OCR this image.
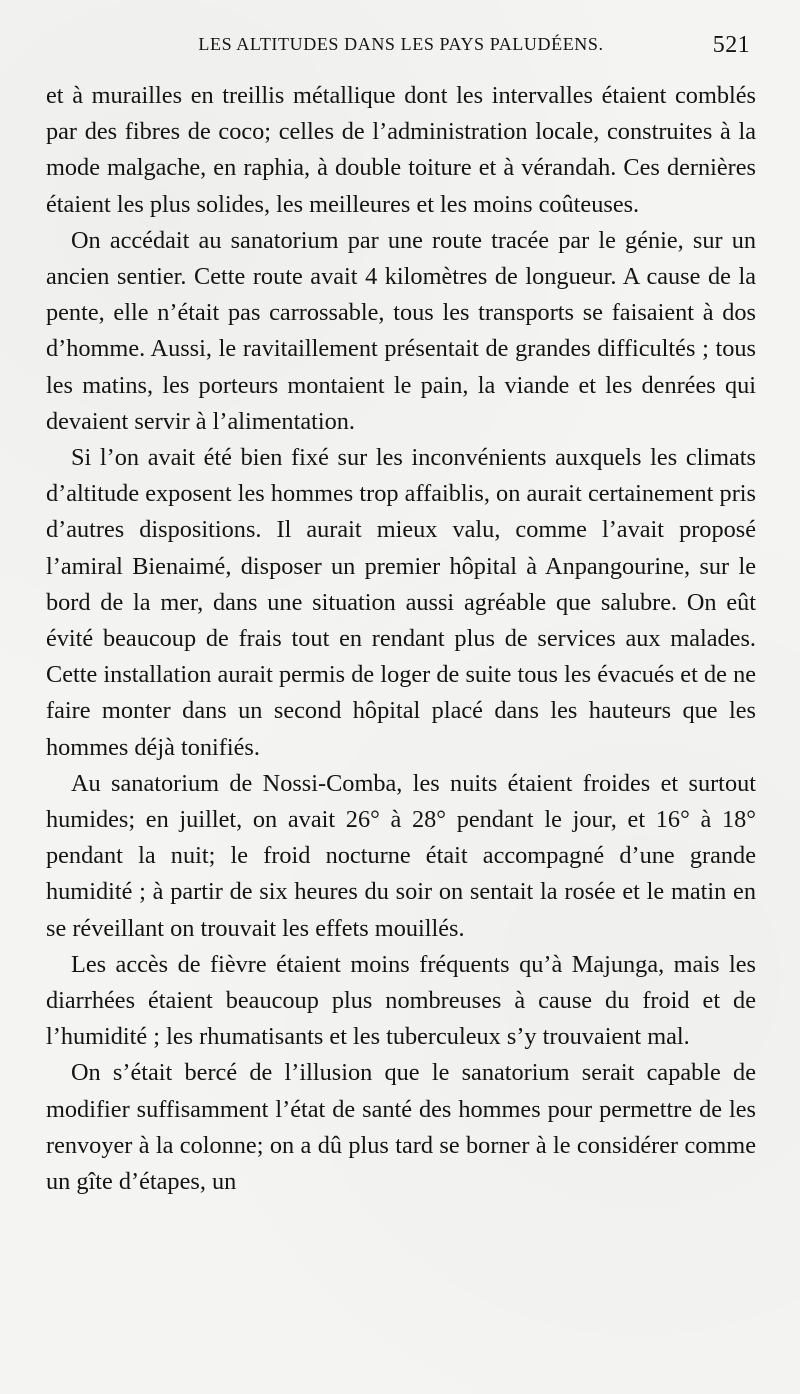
LES ALTITUDES DANS LES PAYS PALUDÉENS.	521

et à murailles en treillis métallique dont les intervalles étaient comblés par des fibres de coco; celles de l’administration locale, construites à la mode malgache, en raphia, à double toiture et à vérandah. Ces dernières étaient les plus solides, les meilleures et les moins coûteuses.

On accédait au sanatorium par une route tracée par le génie, sur un ancien sentier. Cette route avait 4 kilomètres de longueur. A cause de la pente, elle n’était pas carrossable, tous les transports se faisaient à dos d’homme. Aussi, le ravitaillement présentait de grandes difficultés ; tous les matins, les porteurs montaient le pain, la viande et les denrées qui devaient servir à l’alimentation.

Si l’on avait été bien fixé sur les inconvénients auxquels les climats d’altitude exposent les hommes trop affaiblis, on aurait certainement pris d’autres dispositions. Il aurait mieux valu, comme l’avait proposé l’amiral Bienaimé, disposer un premier hôpital à Anpangourine, sur le bord de la mer, dans une situation aussi agréable que salubre. On eût évité beaucoup de frais tout en rendant plus de services aux malades. Cette installation aurait permis de loger de suite tous les évacués et de ne faire monter dans un second hôpital placé dans les hauteurs que les hommes déjà tonifiés.

Au sanatorium de Nossi-Comba, les nuits étaient froides et surtout humides; en juillet, on avait 26° à 28° pendant le jour, et 16° à 18° pendant la nuit; le froid nocturne était accompagné d’une grande humidité ; à partir de six heures du soir on sentait la rosée et le matin en se réveillant on trouvait les effets mouillés.

Les accès de fièvre étaient moins fréquents qu’à Majunga, mais les diarrhées étaient beaucoup plus nombreuses à cause du froid et de l’humidité ; les rhumatisants et les tuberculeux s’y trouvaient mal.

On s’était bercé de l’illusion que le sanatorium serait capable de modifier suffisamment l’état de santé des hommes pour permettre de les renvoyer à la colonne; on a dû plus tard se borner à le considérer comme un gîte d’étapes, un
